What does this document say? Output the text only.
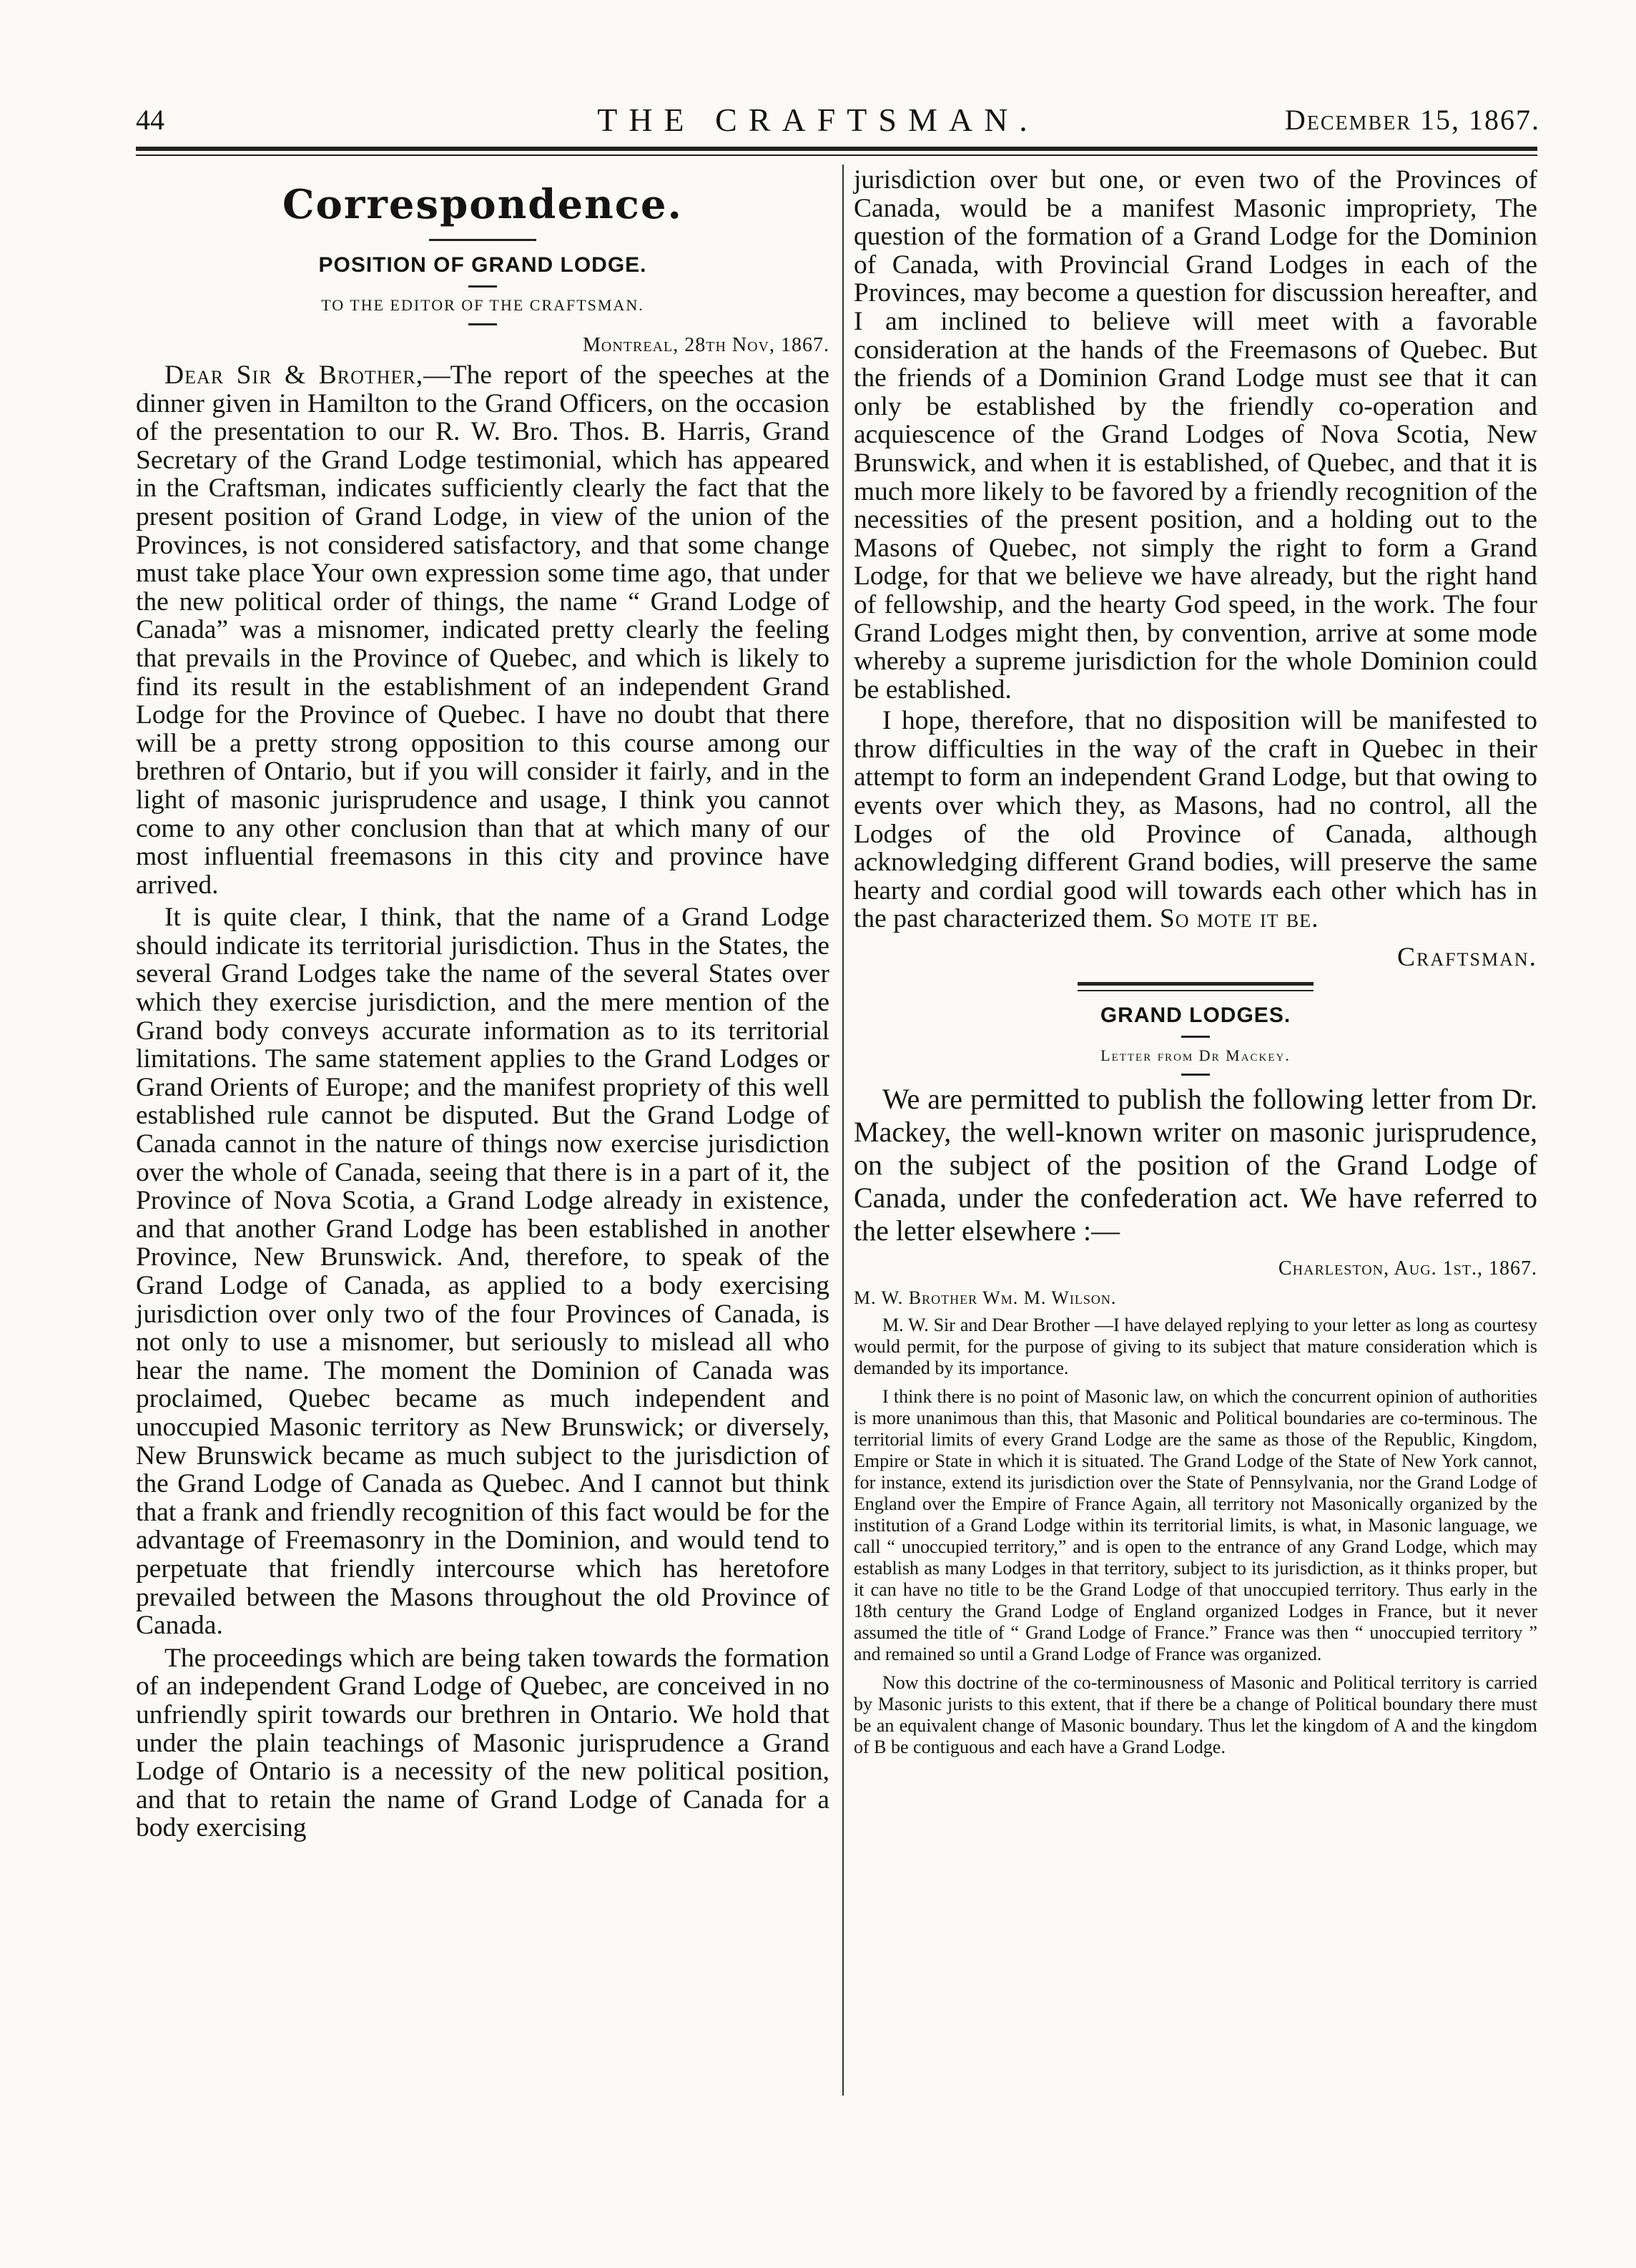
44	THE CRAFTSMAN.	December 15, 1867.
Correspondence.
POSITION OF GRAND LODGE.
TO THE EDITOR OF THE CRAFTSMAN.
Montreal, 28th Nov, 1867.

Dear Sir & Brother,—The report of the speeches at the dinner given in Hamilton to the Grand Officers, on the occasion of the presentation to our R. W. Bro. Thos. B. Harris, Grand Secretary of the Grand Lodge testimonial, which has appeared in the Craftsman, indicates sufficiently clearly the fact that the present position of Grand Lodge, in view of the union of the Provinces, is not considered satisfactory, and that some change must take place Your own expression some time ago, that under the new political order of things, the name “ Grand Lodge of Canada” was a misnomer, indicated pretty clearly the feeling that prevails in the Province of Quebec, and which is likely to find its result in the establishment of an independent Grand Lodge for the Province of Quebec. I have no doubt that there will be a pretty strong opposition to this course among our brethren of Ontario, but if you will consider it fairly, and in the light of masonic jurisprudence and usage, I think you cannot come to any other conclusion than that at which many of our most influential freemasons in this city and province have arrived.

It is quite clear, I think, that the name of a Grand Lodge should indicate its territorial jurisdiction. Thus in the States, the several Grand Lodges take the name of the several States over which they exercise jurisdiction, and the mere mention of the Grand body conveys accurate information as to its territorial limitations. The same statement applies to the Grand Lodges or Grand Orients of Europe; and the manifest propriety of this well established rule cannot be disputed. But the Grand Lodge of Canada cannot in the nature of things now exercise jurisdiction over the whole of Canada, seeing that there is in a part of it, the Province of Nova Scotia, a Grand Lodge already in existence, and that another Grand Lodge has been established in another Province, New Brunswick. And, therefore, to speak of the Grand Lodge of Canada, as applied to a body exercising jurisdiction over only two of the four Provinces of Canada, is not only to use a misnomer, but seriously to mislead all who hear the name. The moment the Dominion of Canada was proclaimed, Quebec became as much independent and unoccupied Masonic territory as New Brunswick; or diversely, New Brunswick became as much subject to the jurisdiction of the Grand Lodge of Canada as Quebec. And I cannot but think that a frank and friendly recognition of this fact would be for the advantage of Freemasonry in the Dominion, and would tend to perpetuate that friendly intercourse which has heretofore prevailed between the Masons throughout the old Province of Canada.

The proceedings which are being taken towards the formation of an independent Grand Lodge of Quebec, are conceived in no unfriendly spirit towards our brethren in Ontario. We hold that under the plain teachings of Masonic jurisprudence a Grand Lodge of Ontario is a necessity of the new political position, and that to retain the name of Grand Lodge of Canada for a body exercising

jurisdiction over but one, or even two of the Provinces of Canada, would be a manifest Masonic impropriety, The question of the formation of a Grand Lodge for the Dominion of Canada, with Provincial Grand Lodges in each of the Provinces, may become a question for discussion hereafter, and I am inclined to believe will meet with a favorable consideration at the hands of the Freemasons of Quebec. But the friends of a Dominion Grand Lodge must see that it can only be established by the friendly co-operation and acquiescence of the Grand Lodges of Nova Scotia, New Brunswick, and when it is established, of Quebec, and that it is much more likely to be favored by a friendly recognition of the necessities of the present position, and a holding out to the Masons of Quebec, not simply the right to form a Grand Lodge, for that we believe we have already, but the right hand of fellowship, and the hearty God speed, in the work. The four Grand Lodges might then, by convention, arrive at some mode whereby a supreme jurisdiction for the whole Dominion could be established.

I hope, therefore, that no disposition will be manifested to throw difficulties in the way of the craft in Quebec in their attempt to form an independent Grand Lodge, but that owing to events over which they, as Masons, had no control, all the Lodges of the old Province of Canada, although acknowledging different Grand bodies, will preserve the same hearty and cordial good will towards each other which has in the past characterized them. So mote it be.

Craftsman.
GRAND LODGES.
Letter from Dr Mackey.

We are permitted to publish the following letter from Dr. Mackey, the well-known writer on masonic jurisprudence, on the subject of the position of the Grand Lodge of Canada, under the confederation act. We have referred to the letter elsewhere :—

Charleston, Aug. 1st., 1867.
M. W. Brother Wm. M. Wilson.

M. W. Sir and Dear Brother —I have delayed replying to your letter as long as courtesy would permit, for the purpose of giving to its subject that mature consideration which is demanded by its importance.

I think there is no point of Masonic law, on which the concurrent opinion of authorities is more unanimous than this, that Masonic and Political boundaries are co-terminous. The territorial limits of every Grand Lodge are the same as those of the Republic, Kingdom, Empire or State in which it is situated. The Grand Lodge of the State of New York cannot, for instance, extend its jurisdiction over the State of Pennsylvania, nor the Grand Lodge of England over the Empire of France Again, all territory not Masonically organized by the institution of a Grand Lodge within its territorial limits, is what, in Masonic language, we call “ unoccupied territory,” and is open to the entrance of any Grand Lodge, which may establish as many Lodges in that territory, subject to its jurisdiction, as it thinks proper, but it can have no title to be the Grand Lodge of that unoccupied territory. Thus early in the 18th century the Grand Lodge of England organized Lodges in France, but it never assumed the title of “ Grand Lodge of France.” France was then “ unoccupied territory ” and remained so until a Grand Lodge of France was organized.

Now this doctrine of the co-terminousness of Masonic and Political territory is carried by Masonic jurists to this extent, that if there be a change of Political boundary there must be an equivalent change of Masonic boundary. Thus let the kingdom of A and the kingdom of B be contiguous and each have a Grand Lodge.
